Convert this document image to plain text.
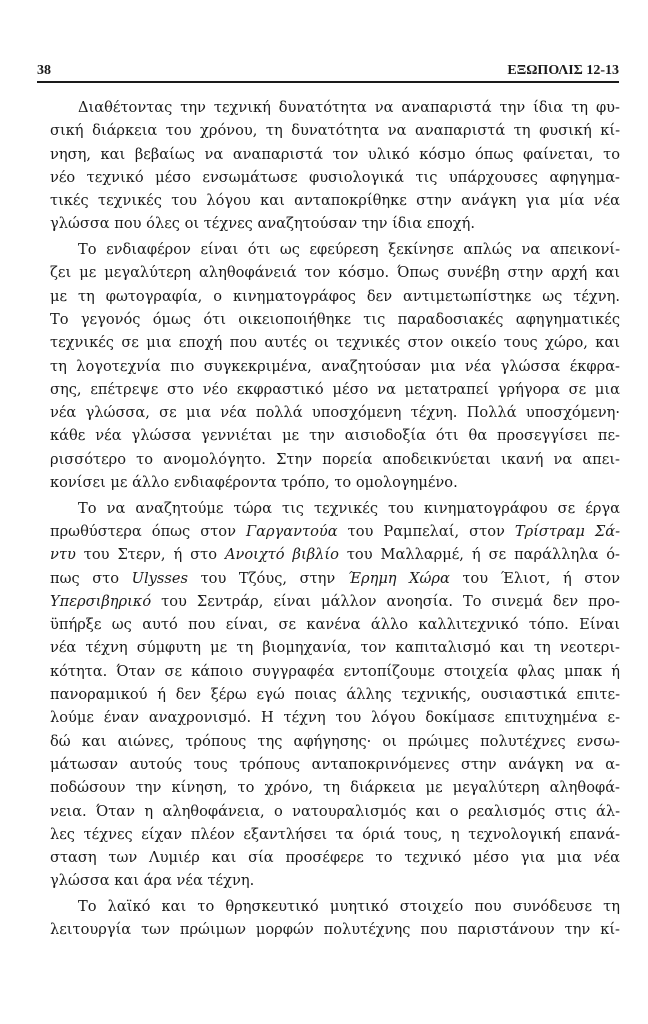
38	ΕΞΩΠΟΛΙΣ 12-13
Διαθέτοντας την τεχνική δυνατότητα να αναπαριστά την ίδια τη φυ-
σική διάρκεια του χρόνου, τη δυνατότητα να αναπαριστά τη φυσική κί-
νηση, και βεβαίως να αναπαριστά τον υλικό κόσμο όπως φαίνεται, το
νέο τεχνικό μέσο ενσωμάτωσε φυσιολογικά τις υπάρχουσες αφηγημα-
τικές τεχνικές του λόγου και ανταποκρίθηκε στην ανάγκη για μία νέα
γλώσσα που όλες οι τέχνες αναζητούσαν την ίδια εποχή.
Το ενδιαφέρον είναι ότι ως εφεύρεση ξεκίνησε απλώς να απεικονί-
ζει με μεγαλύτερη αληθοφάνειά τον κόσμο. Όπως συνέβη στην αρχή και
με τη φωτογραφία, ο κινηματογράφος δεν αντιμετωπίστηκε ως τέχνη.
Το γεγονός όμως ότι οικειοποιήθηκε τις παραδοσιακές αφηγηματικές
τεχνικές σε μια εποχή που αυτές οι τεχνικές στον οικείο τους χώρο, και
τη λογοτεχνία πιο συγκεκριμένα, αναζητούσαν μια νέα γλώσσα έκφρα-
σης, επέτρεψε στο νέο εκφραστικό μέσο να μετατραπεί γρήγορα σε μια
νέα γλώσσα, σε μια νέα πολλά υποσχόμενη τέχνη. Πολλά υποσχόμενη·
κάθε νέα γλώσσα γεννιέται με την αισιοδοξία ότι θα προσεγγίσει πε-
ρισσότερο το ανομολόγητο. Στην πορεία αποδεικνύεται ικανή να απει-
κονίσει με άλλο ενδιαφέροντα τρόπο, το ομολογημένο.
Το να αναζητούμε τώρα τις τεχνικές του κινηματογράφου σε έργα
πρωθύστερα όπως στον Γαργαντούα του Ραμπελαί, στον Τρίστραμ Σά-
ντυ του Στερν, ή στο Ανοιχτό βιβλίο του Μαλλαρμέ, ή σε παράλληλα ό-
πως στο Ulysses του Τζόυς, στην Έρημη Χώρα του Έλιοτ, ή στον
Υπερσιβηρικό του Σεντράρ, είναι μάλλον ανοησία. Το σινεμά δεν προ-
ϋπήρξε ως αυτό που είναι, σε κανένα άλλο καλλιτεχνικό τόπο. Είναι
νέα τέχνη σύμφυτη με τη βιομηχανία, τον καπιταλισμό και τη νεοτερι-
κότητα. Όταν σε κάποιο συγγραφέα εντοπίζουμε στοιχεία φλας μπακ ή
πανοραμικού ή δεν ξέρω εγώ ποιας άλλης τεχνικής, ουσιαστικά επιτε-
λούμε έναν αναχρονισμό. Η τέχνη του λόγου δοκίμασε επιτυχημένα ε-
δώ και αιώνες, τρόπους της αφήγησης· οι πρώιμες πολυτέχνες ενσω-
μάτωσαν αυτούς τους τρόπους ανταποκρινόμενες στην ανάγκη να α-
ποδώσουν την κίνηση, το χρόνο, τη διάρκεια με μεγαλύτερη αληθοφά-
νεια. Όταν η αληθοφάνεια, ο νατουραλισμός και ο ρεαλισμός στις άλ-
λες τέχνες είχαν πλέον εξαντλήσει τα όριά τους, η τεχνολογική επανά-
σταση των Λυμιέρ και σία προσέφερε το τεχνικό μέσο για μια νέα
γλώσσα και άρα νέα τέχνη.
Το λαϊκό και το θρησκευτικό μυητικό στοιχείο που συνόδευσε τη
λειτουργία των πρώιμων μορφών πολυτέχνης που παριστάνουν την κί-
